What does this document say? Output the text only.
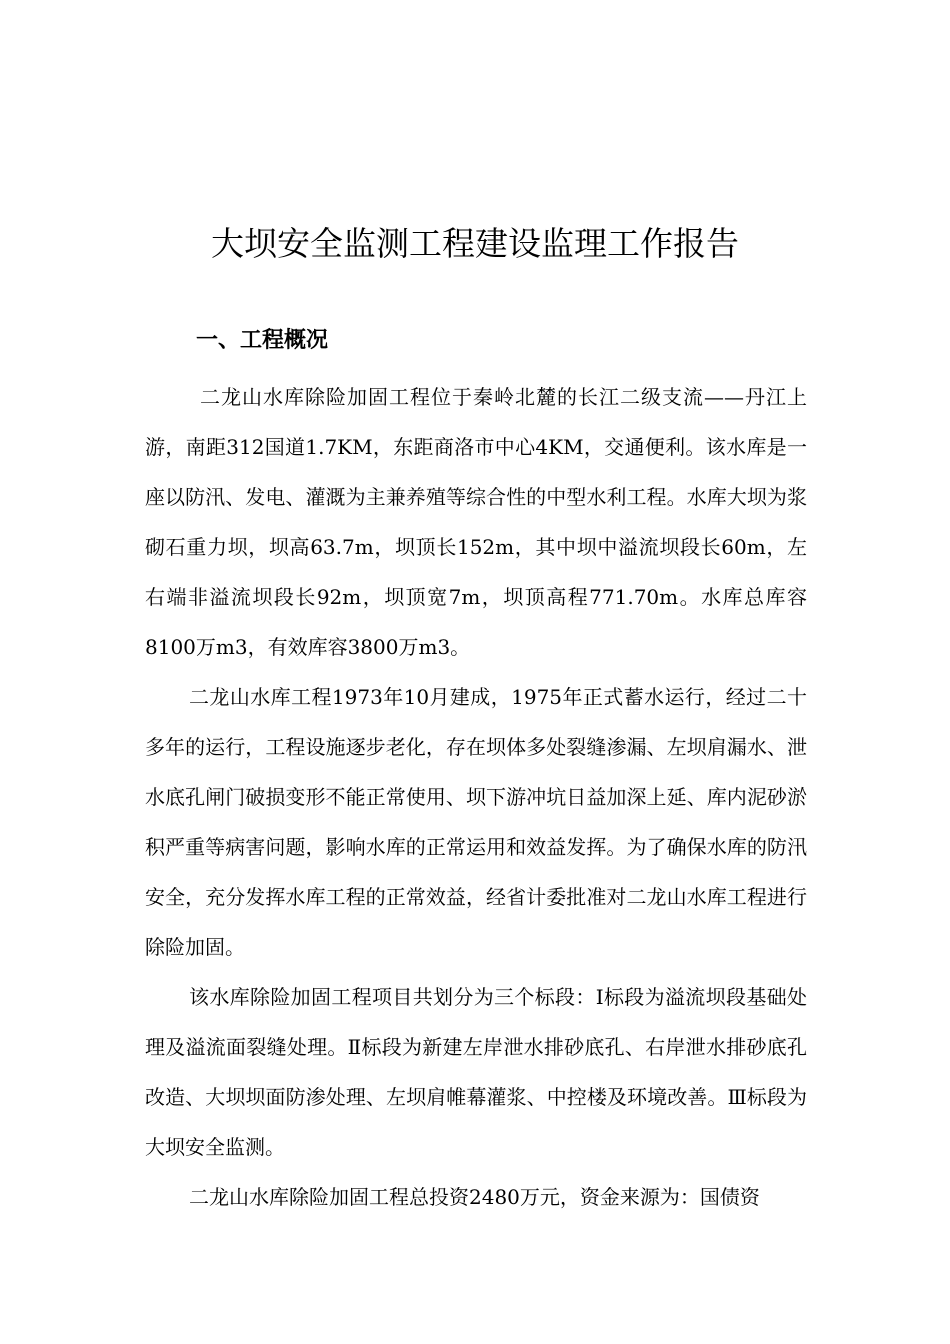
大坝安全监测工程建设监理工作报告
一、工程概况

二龙山水库除险加固工程位于秦岭北麓的长江二级支流——丹江上游，南距312国道1.7KM，东距商洛市中心4KM，交通便利。该水库是一座以防汛、发电、灌溉为主兼养殖等综合性的中型水利工程。水库大坝为浆砌石重力坝，坝高63.7m，坝顶长152m，其中坝中溢流坝段长60m，左右端非溢流坝段长92m，坝顶宽7m，坝顶高程771.70m。水库总库容8100万m3，有效库容3800万m3。

二龙山水库工程1973年10月建成，1975年正式蓄水运行，经过二十多年的运行，工程设施逐步老化，存在坝体多处裂缝渗漏、左坝肩漏水、泄水底孔闸门破损变形不能正常使用、坝下游冲坑日益加深上延、库内泥砂淤积严重等病害问题，影响水库的正常运用和效益发挥。为了确保水库的防汛安全，充分发挥水库工程的正常效益，经省计委批准对二龙山水库工程进行除险加固。

该水库除险加固工程项目共划分为三个标段：Ⅰ标段为溢流坝段基础处理及溢流面裂缝处理。Ⅱ标段为新建左岸泄水排砂底孔、右岸泄水排砂底孔改造、大坝坝面防渗处理、左坝肩帷幕灌浆、中控楼及环境改善。Ⅲ标段为大坝安全监测。

二龙山水库除险加固工程总投资2480万元，资金来源为：国债资
